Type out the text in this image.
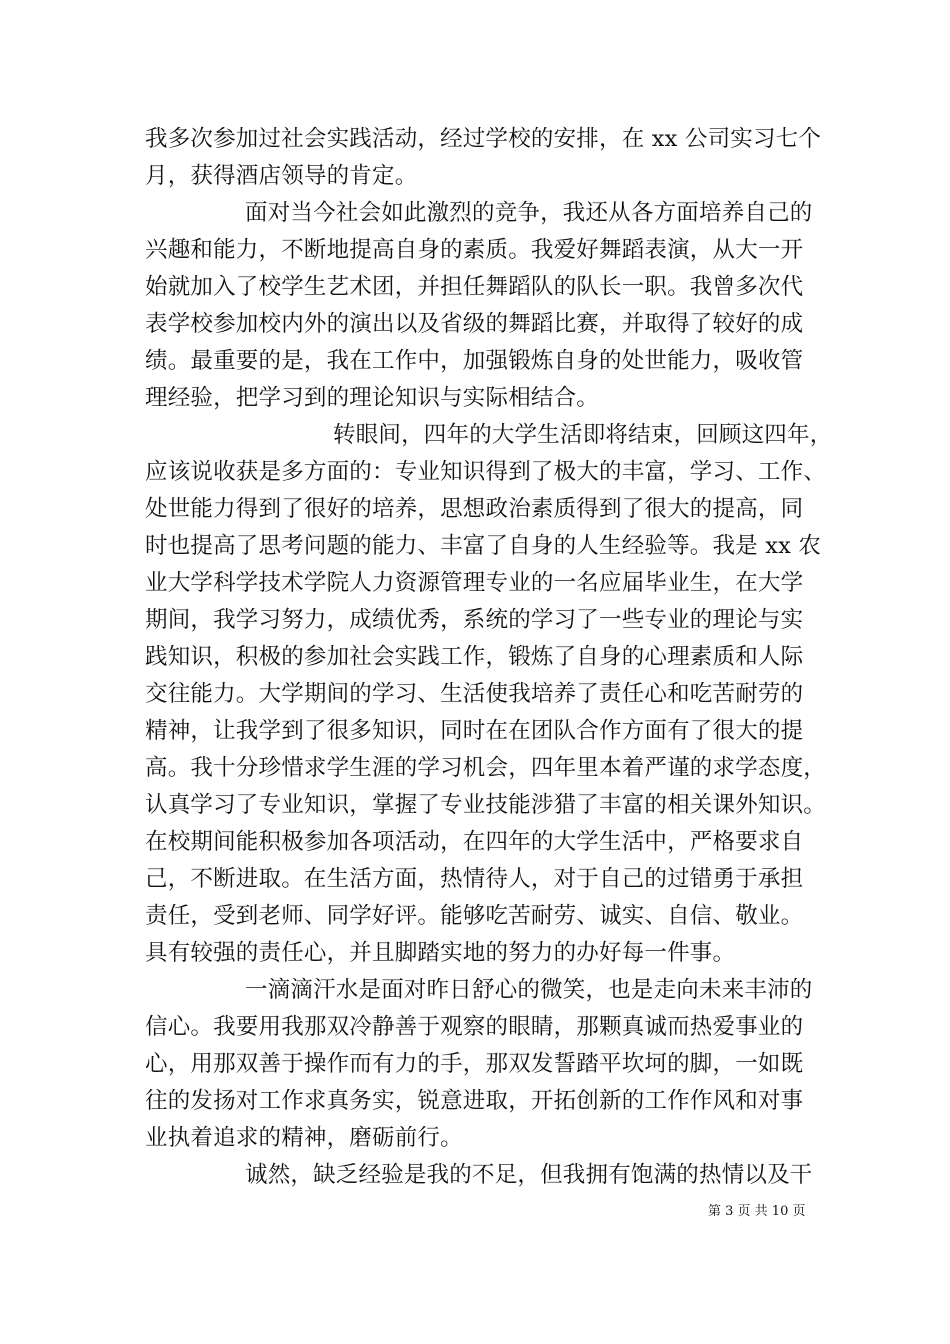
我多次参加过社会实践活动，经过学校的安排，在 xx 公司实习七个
月，获得酒店领导的肯定。
面对当今社会如此激烈的竞争，我还从各方面培养自己的
兴趣和能力，不断地提高自身的素质。我爱好舞蹈表演，从大一开
始就加入了校学生艺术团，并担任舞蹈队的队长一职。我曾多次代
表学校参加校内外的演出以及省级的舞蹈比赛，并取得了较好的成
绩。最重要的是，我在工作中，加强锻炼自身的处世能力，吸收管
理经验，把学习到的理论知识与实际相结合。
转眼间，四年的大学生活即将结束，回顾这四年，
应该说收获是多方面的：专业知识得到了极大的丰富，学习、工作、
处世能力得到了很好的培养，思想政治素质得到了很大的提高，同
时也提高了思考问题的能力、丰富了自身的人生经验等。我是 xx 农
业大学科学技术学院人力资源管理专业的一名应届毕业生，在大学
期间，我学习努力，成绩优秀，系统的学习了一些专业的理论与实
践知识，积极的参加社会实践工作，锻炼了自身的心理素质和人际
交往能力。大学期间的学习、生活使我培养了责任心和吃苦耐劳的
精神，让我学到了很多知识，同时在在团队合作方面有了很大的提
高。我十分珍惜求学生涯的学习机会，四年里本着严谨的求学态度，
认真学习了专业知识，掌握了专业技能涉猎了丰富的相关课外知识。
在校期间能积极参加各项活动，在四年的大学生活中，严格要求自
己，不断进取。在生活方面，热情待人，对于自己的过错勇于承担
责任，受到老师、同学好评。能够吃苦耐劳、诚实、自信、敬业。
具有较强的责任心，并且脚踏实地的努力的办好每一件事。
一滴滴汗水是面对昨日舒心的微笑，也是走向未来丰沛的
信心。我要用我那双冷静善于观察的眼睛，那颗真诚而热爱事业的
心，用那双善于操作而有力的手，那双发誓踏平坎坷的脚，一如既
往的发扬对工作求真务实，锐意进取，开拓创新的工作作风和对事
业执着追求的精神，磨砺前行。
诚然，缺乏经验是我的不足，但我拥有饱满的热情以及干
第 3 页 共 10 页
